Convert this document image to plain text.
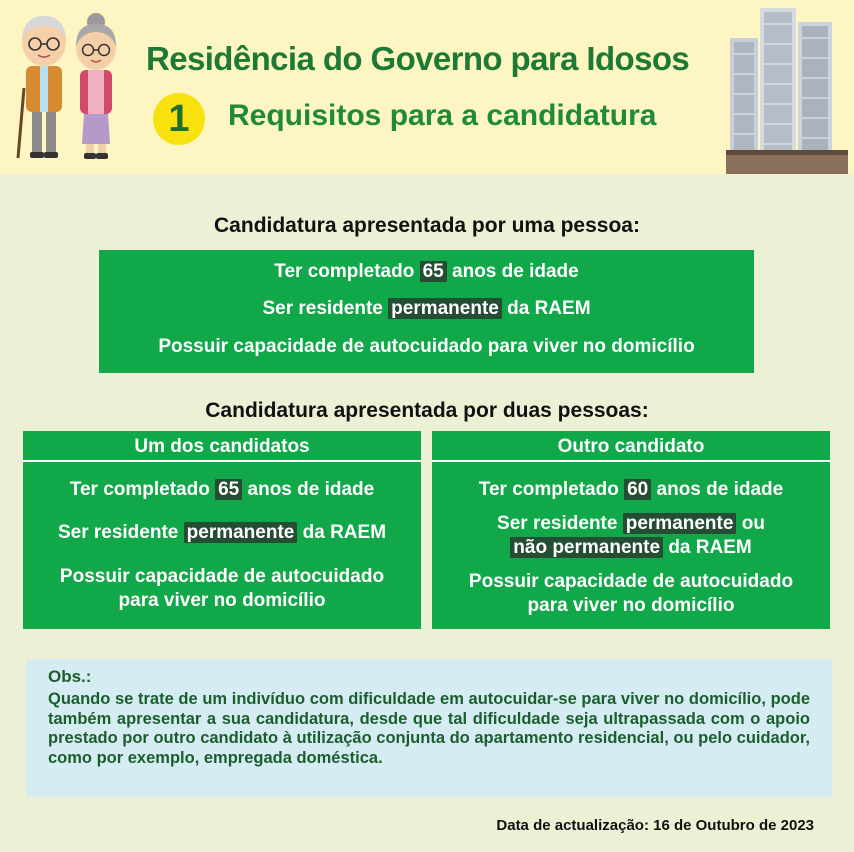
Residência do Governo para Idosos
1	Requisitos para a candidatura
Candidatura apresentada por uma pessoa:
Ter completado 65 anos de idade
Ser residente permanente da RAEM
Possuir capacidade de autocuidado para viver no domicílio
Candidatura apresentada por duas pessoas:
Um dos candidatos
Ter completado 65 anos de idade
Ser residente permanente da RAEM
Possuir capacidade de autocuidado
para viver no domicílio
Outro candidato
Ter completado 60 anos de idade
Ser residente permanente ou
não permanente da RAEM
Possuir capacidade de autocuidado
para viver no domicílio
Obs.:
Quando se trate de um indivíduo com dificuldade em autocuidar-se para viver no domicílio, pode também apresentar a sua candidatura, desde que tal dificuldade seja ultrapassada com o apoio prestado por outro candidato à utilização conjunta do apartamento residencial, ou pelo cuidador, como por exemplo, empregada doméstica.
Data de actualização: 16 de Outubro de 2023
